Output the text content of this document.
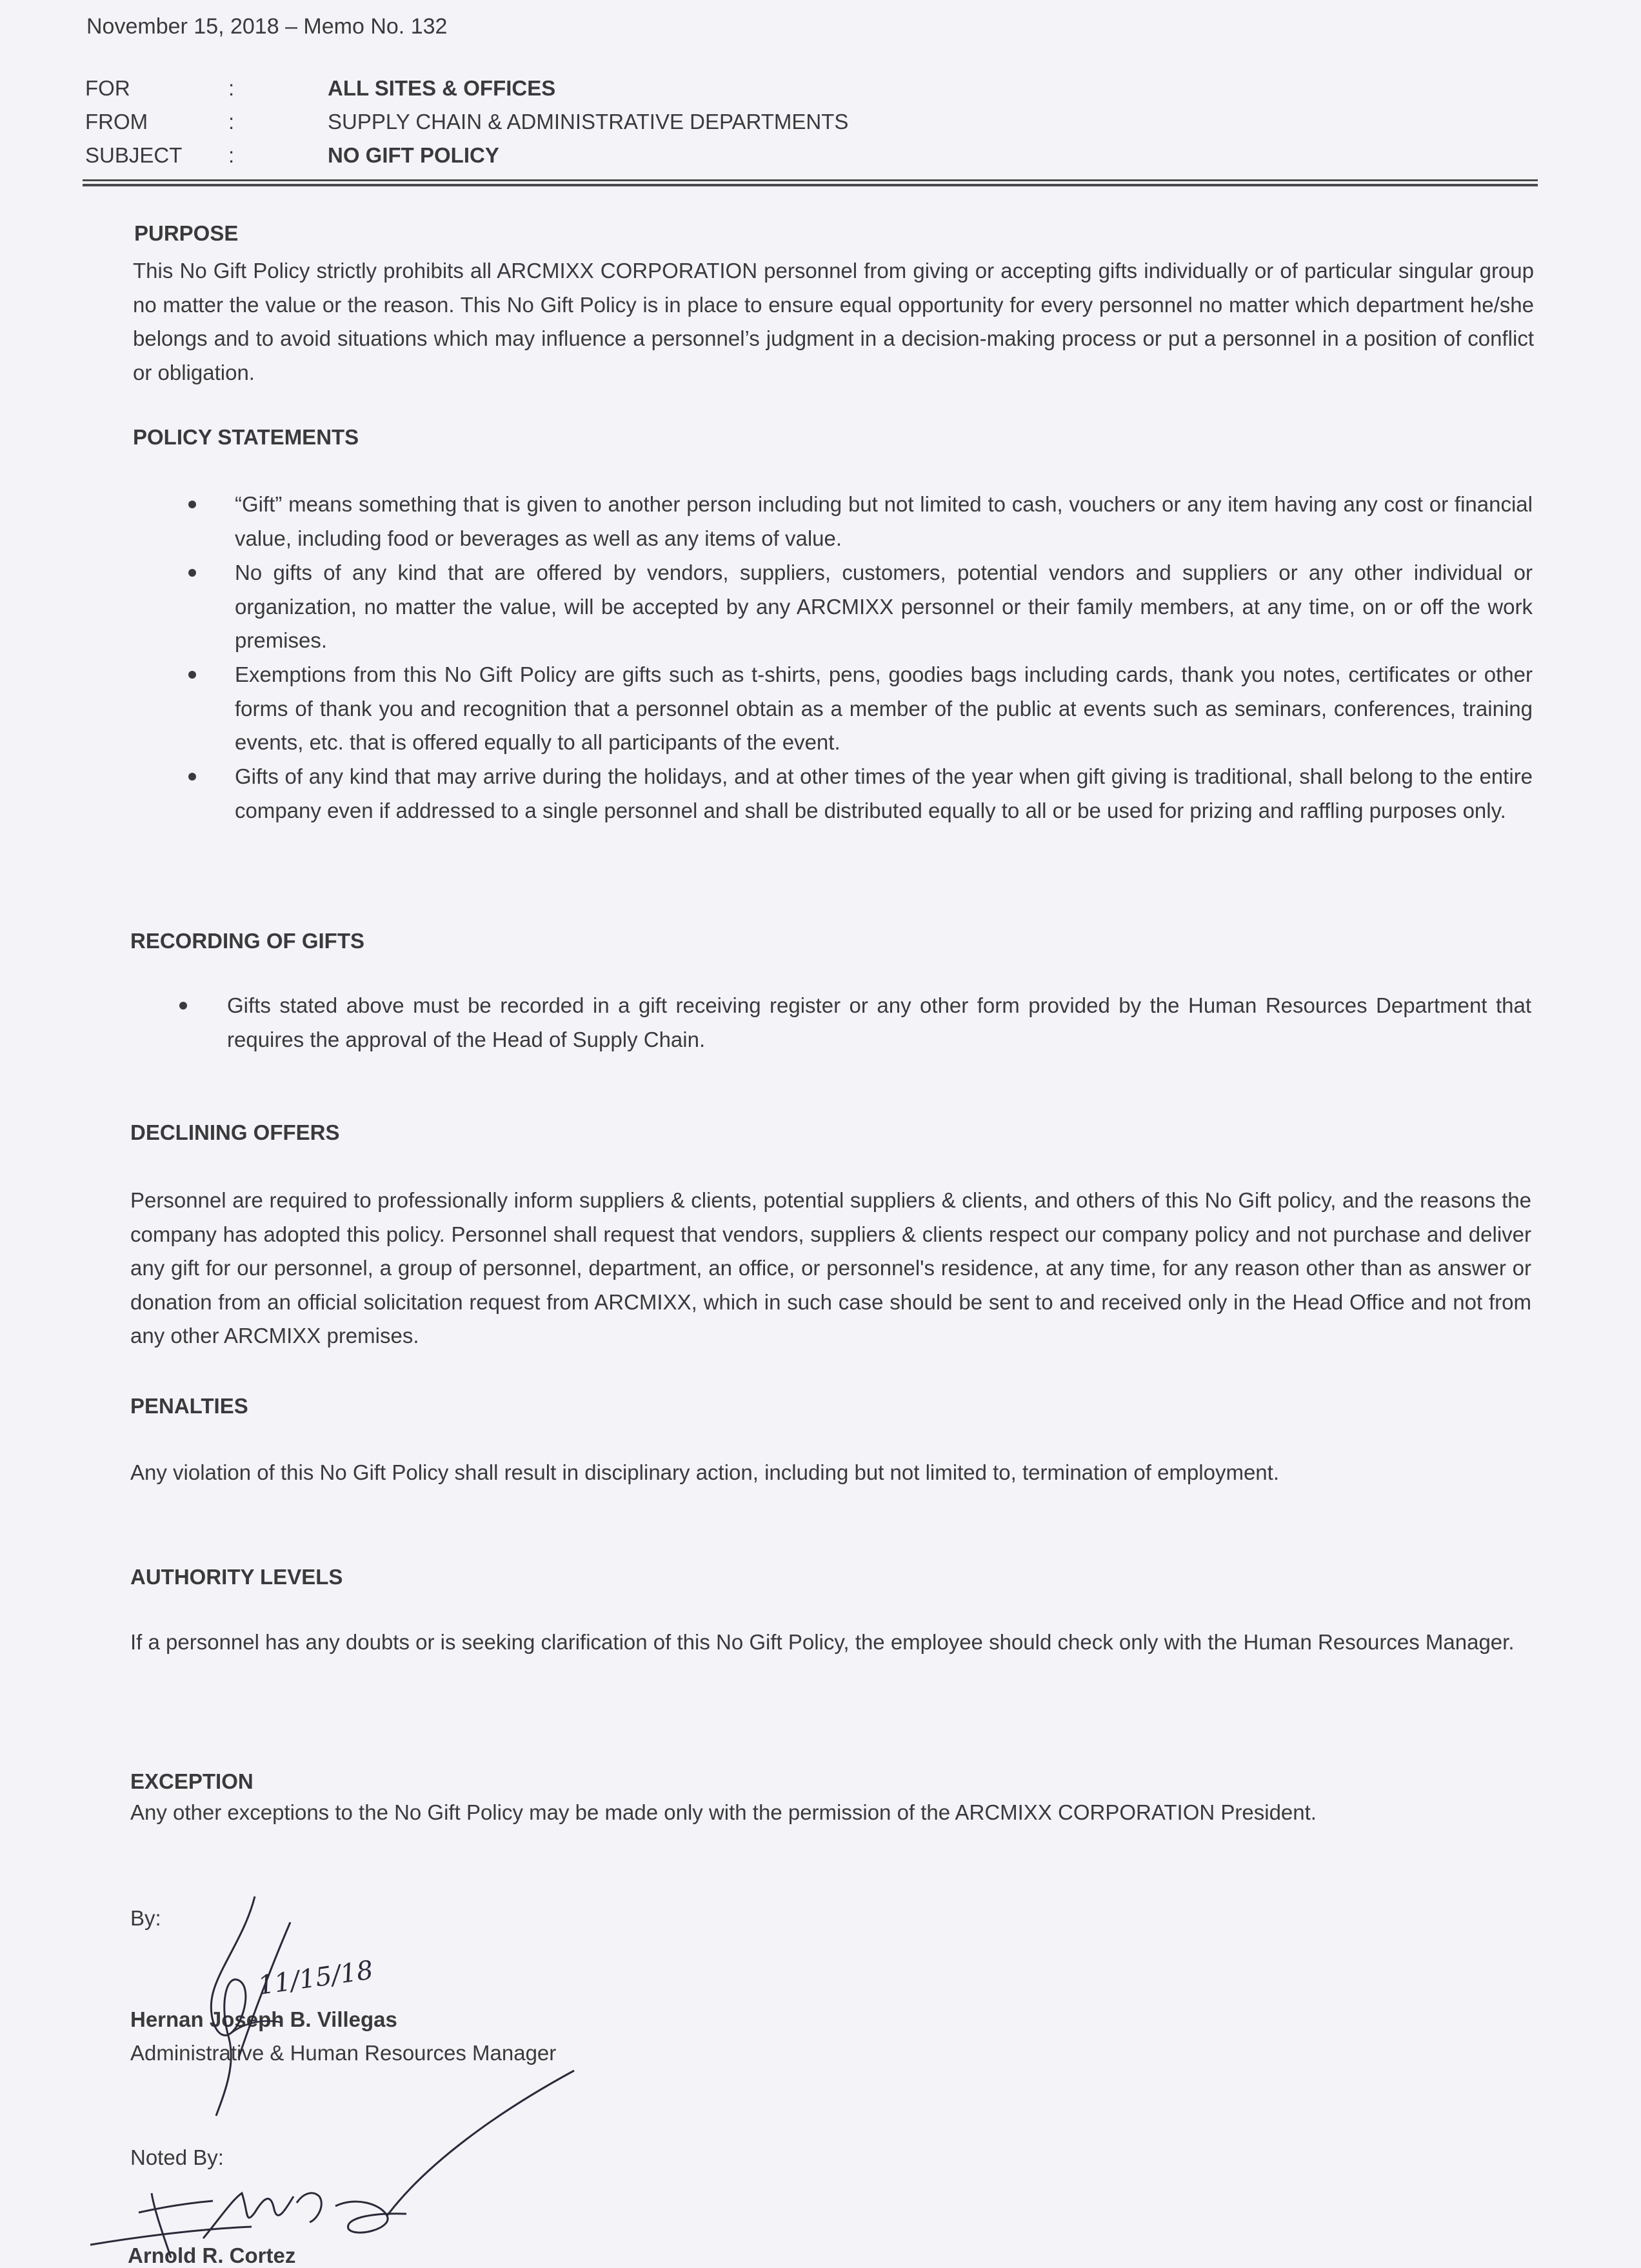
November 15, 2018 – Memo No. 132
FOR	:	ALL SITES & OFFICES
FROM	:	SUPPLY CHAIN & ADMINISTRATIVE DEPARTMENTS
SUBJECT	:	NO GIFT POLICY
PURPOSE
This No Gift Policy strictly prohibits all ARCMIXX CORPORATION personnel from giving or accepting gifts individually or of particular singular group no matter the value or the reason. This No Gift Policy is in place to ensure equal opportunity for every personnel no matter which department he/she belongs and to avoid situations which may influence a personnel’s judgment in a decision-making process or put a personnel in a position of conflict or obligation.
POLICY STATEMENTS
“Gift” means something that is given to another person including but not limited to cash, vouchers or any item having any cost or financial value, including food or beverages as well as any items of value.
No gifts of any kind that are offered by vendors, suppliers, customers, potential vendors and suppliers or any other individual or organization, no matter the value, will be accepted by any ARCMIXX personnel or their family members, at any time, on or off the work premises.
Exemptions from this No Gift Policy are gifts such as t-shirts, pens, goodies bags including cards, thank you notes, certificates or other forms of thank you and recognition that a personnel obtain as a member of the public at events such as seminars, conferences, training events, etc. that is offered equally to all participants of the event.
Gifts of any kind that may arrive during the holidays, and at other times of the year when gift giving is traditional, shall belong to the entire company even if addressed to a single personnel and shall be distributed equally to all or be used for prizing and raffling purposes only.
RECORDING OF GIFTS
Gifts stated above must be recorded in a gift receiving register or any other form provided by the Human Resources Department that requires the approval of the Head of Supply Chain.
DECLINING OFFERS
Personnel are required to professionally inform suppliers & clients, potential suppliers & clients, and others of this No Gift policy, and the reasons the company has adopted this policy. Personnel shall request that vendors, suppliers & clients respect our company policy and not purchase and deliver any gift for our personnel, a group of personnel, department, an office, or personnel's residence, at any time, for any reason other than as answer or donation from an official solicitation request from ARCMIXX, which in such case should be sent to and received only in the Head Office and not from any other ARCMIXX premises.
PENALTIES
Any violation of this No Gift Policy shall result in disciplinary action, including but not limited to, termination of employment.
AUTHORITY LEVELS
If a personnel has any doubts or is seeking clarification of this No Gift Policy, the employee should check only with the Human Resources Manager.
EXCEPTION
Any other exceptions to the No Gift Policy may be made only with the permission of the ARCMIXX CORPORATION President.
By:
Hernan Joseph B. Villegas
Administrative & Human Resources Manager
Noted By:
Arnold R. Cortez
11/15/18
